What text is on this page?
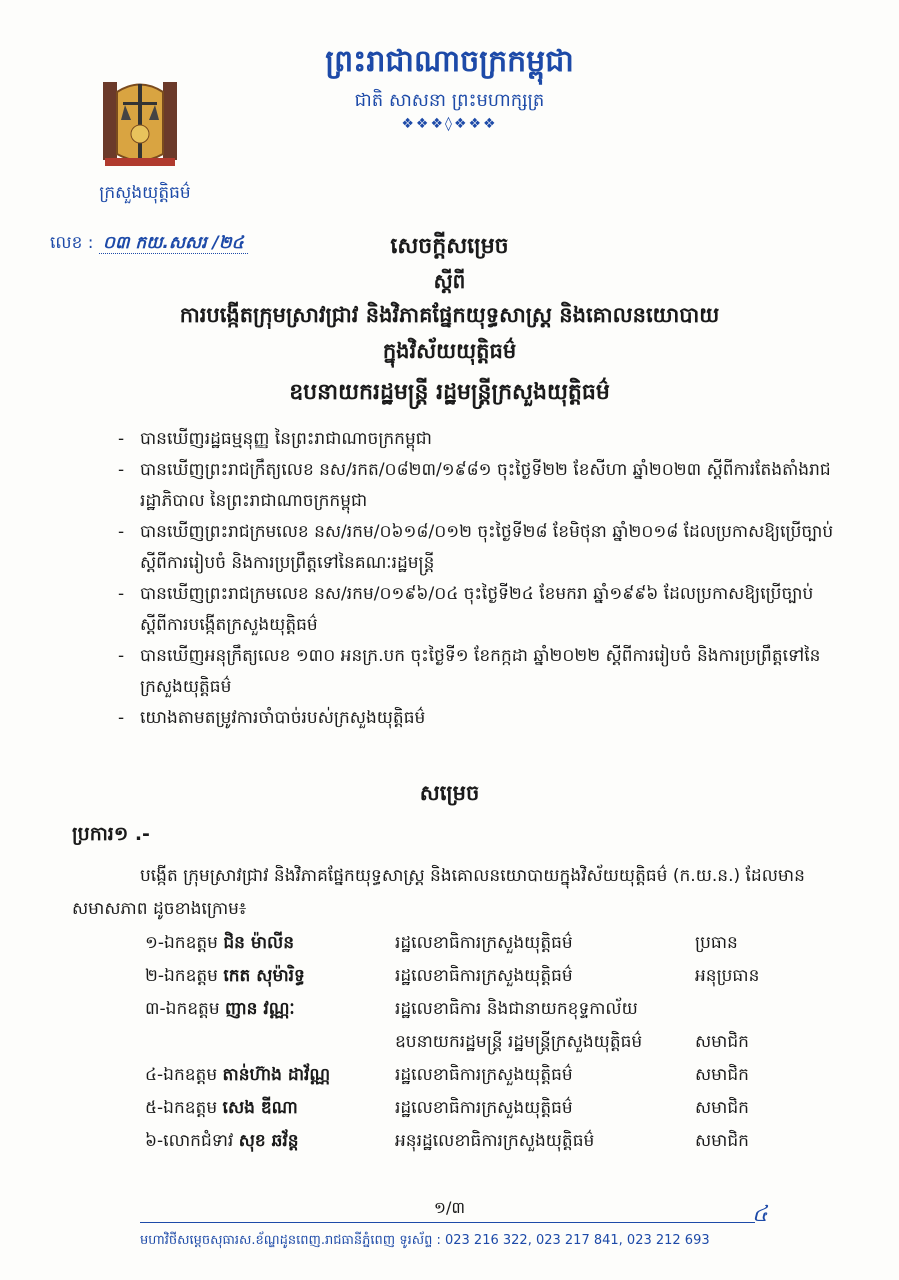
ព្រះរាជាណាចក្រកម្ពុជា
ជាតិ សាសនា ព្រះមហាក្សត្រ
❖❖❖◊❖❖❖
ក្រសួងយុត្តិធម៌
លេខ : ០៣ កយ.សសរ /២៤	សេចក្តីសម្រេច
ស្តីពី
ការបង្កើតក្រុមស្រាវជ្រាវ និងវិភាគផ្នែកយុទ្ធសាស្ត្រ និងគោលនយោបាយ
ក្នុងវិស័យយុត្តិធម៌
ឧបនាយករដ្ឋមន្ត្រី រដ្ឋមន្ត្រីក្រសួងយុត្តិធម៌
- បានឃើញរដ្ឋធម្មនុញ្ញ នៃព្រះរាជាណាចក្រកម្ពុជា
- បានឃើញព្រះរាជក្រឹត្យលេខ នស/រកត/០៨២៣/១៩៨១ ចុះថ្ងៃទី២២ ខែសីហា ឆ្នាំ២០២៣ ស្តីពីការតែងតាំងរាជរដ្ឋាភិបាល នៃព្រះរាជាណាចក្រកម្ពុជា
- បានឃើញព្រះរាជក្រមលេខ នស/រកម/០៦១៨/០១២ ចុះថ្ងៃទី២៨ ខែមិថុនា ឆ្នាំ២០១៨ ដែលប្រកាសឱ្យប្រើច្បាប់ស្តីពីការរៀបចំ និងការប្រព្រឹត្តទៅនៃគណៈរដ្ឋមន្ត្រី
- បានឃើញព្រះរាជក្រមលេខ នស/រកម/០១៩៦/០៤ ចុះថ្ងៃទី២៤ ខែមករា ឆ្នាំ១៩៩៦ ដែលប្រកាសឱ្យប្រើច្បាប់ស្តីពីការបង្កើតក្រសួងយុត្តិធម៌
- បានឃើញអនុក្រឹត្យលេខ ១៣០ អនក្រ.បក ចុះថ្ងៃទី១ ខែកក្កដា ឆ្នាំ២០២២ ស្តីពីការរៀបចំ និងការប្រព្រឹត្តទៅនៃក្រសួងយុត្តិធម៌
- យោងតាមតម្រូវការចាំបាច់របស់ក្រសួងយុត្តិធម៌
សម្រេច
ប្រការ១ .-

បង្កើត ក្រុមស្រាវជ្រាវ និងវិភាគផ្នែកយុទ្ធសាស្ត្រ និងគោលនយោបាយក្នុងវិស័យយុត្តិធម៌ (ក.យ.ន.) ដែលមានសមាសភាព ដូចខាងក្រោម៖

១-ឯកឧត្តម ជិន ម៉ាលីន	រដ្ឋលេខាធិការក្រសួងយុត្តិធម៌	ប្រធាន
២-ឯកឧត្តម កេត សុម៉ារិទ្ធ	រដ្ឋលេខាធិការក្រសួងយុត្តិធម៌	អនុប្រធាន
៣-ឯកឧត្តម ញាន វណ្ណៈ	រដ្ឋលេខាធិការ និងជានាយកខុទ្ទកាល័យ	
	ឧបនាយករដ្ឋមន្ត្រី រដ្ឋមន្ត្រីក្រសួងយុត្តិធម៌	សមាជិក
៤-ឯកឧត្តម តាន់ហ៊ាង ដាវ័ណ្ណ	រដ្ឋលេខាធិការក្រសួងយុត្តិធម៌	សមាជិក
៥-ឯកឧត្តម សេង ឌីណា	រដ្ឋលេខាធិការក្រសួងយុត្តិធម៌	សមាជិក
៦-លោកជំទាវ សុខ ឆវ័ន្ត	អនុរដ្ឋលេខាធិការក្រសួងយុត្តិធម៌	សមាជិក
១/៣	៤
មហាវិថីសម្តេចសុធារស.ខ័ណ្ឌដូនពេញ.រាជធានីភ្នំពេញ ទូរស័ព្ទ : 023 216 322, 023 217 841, 023 212 693
